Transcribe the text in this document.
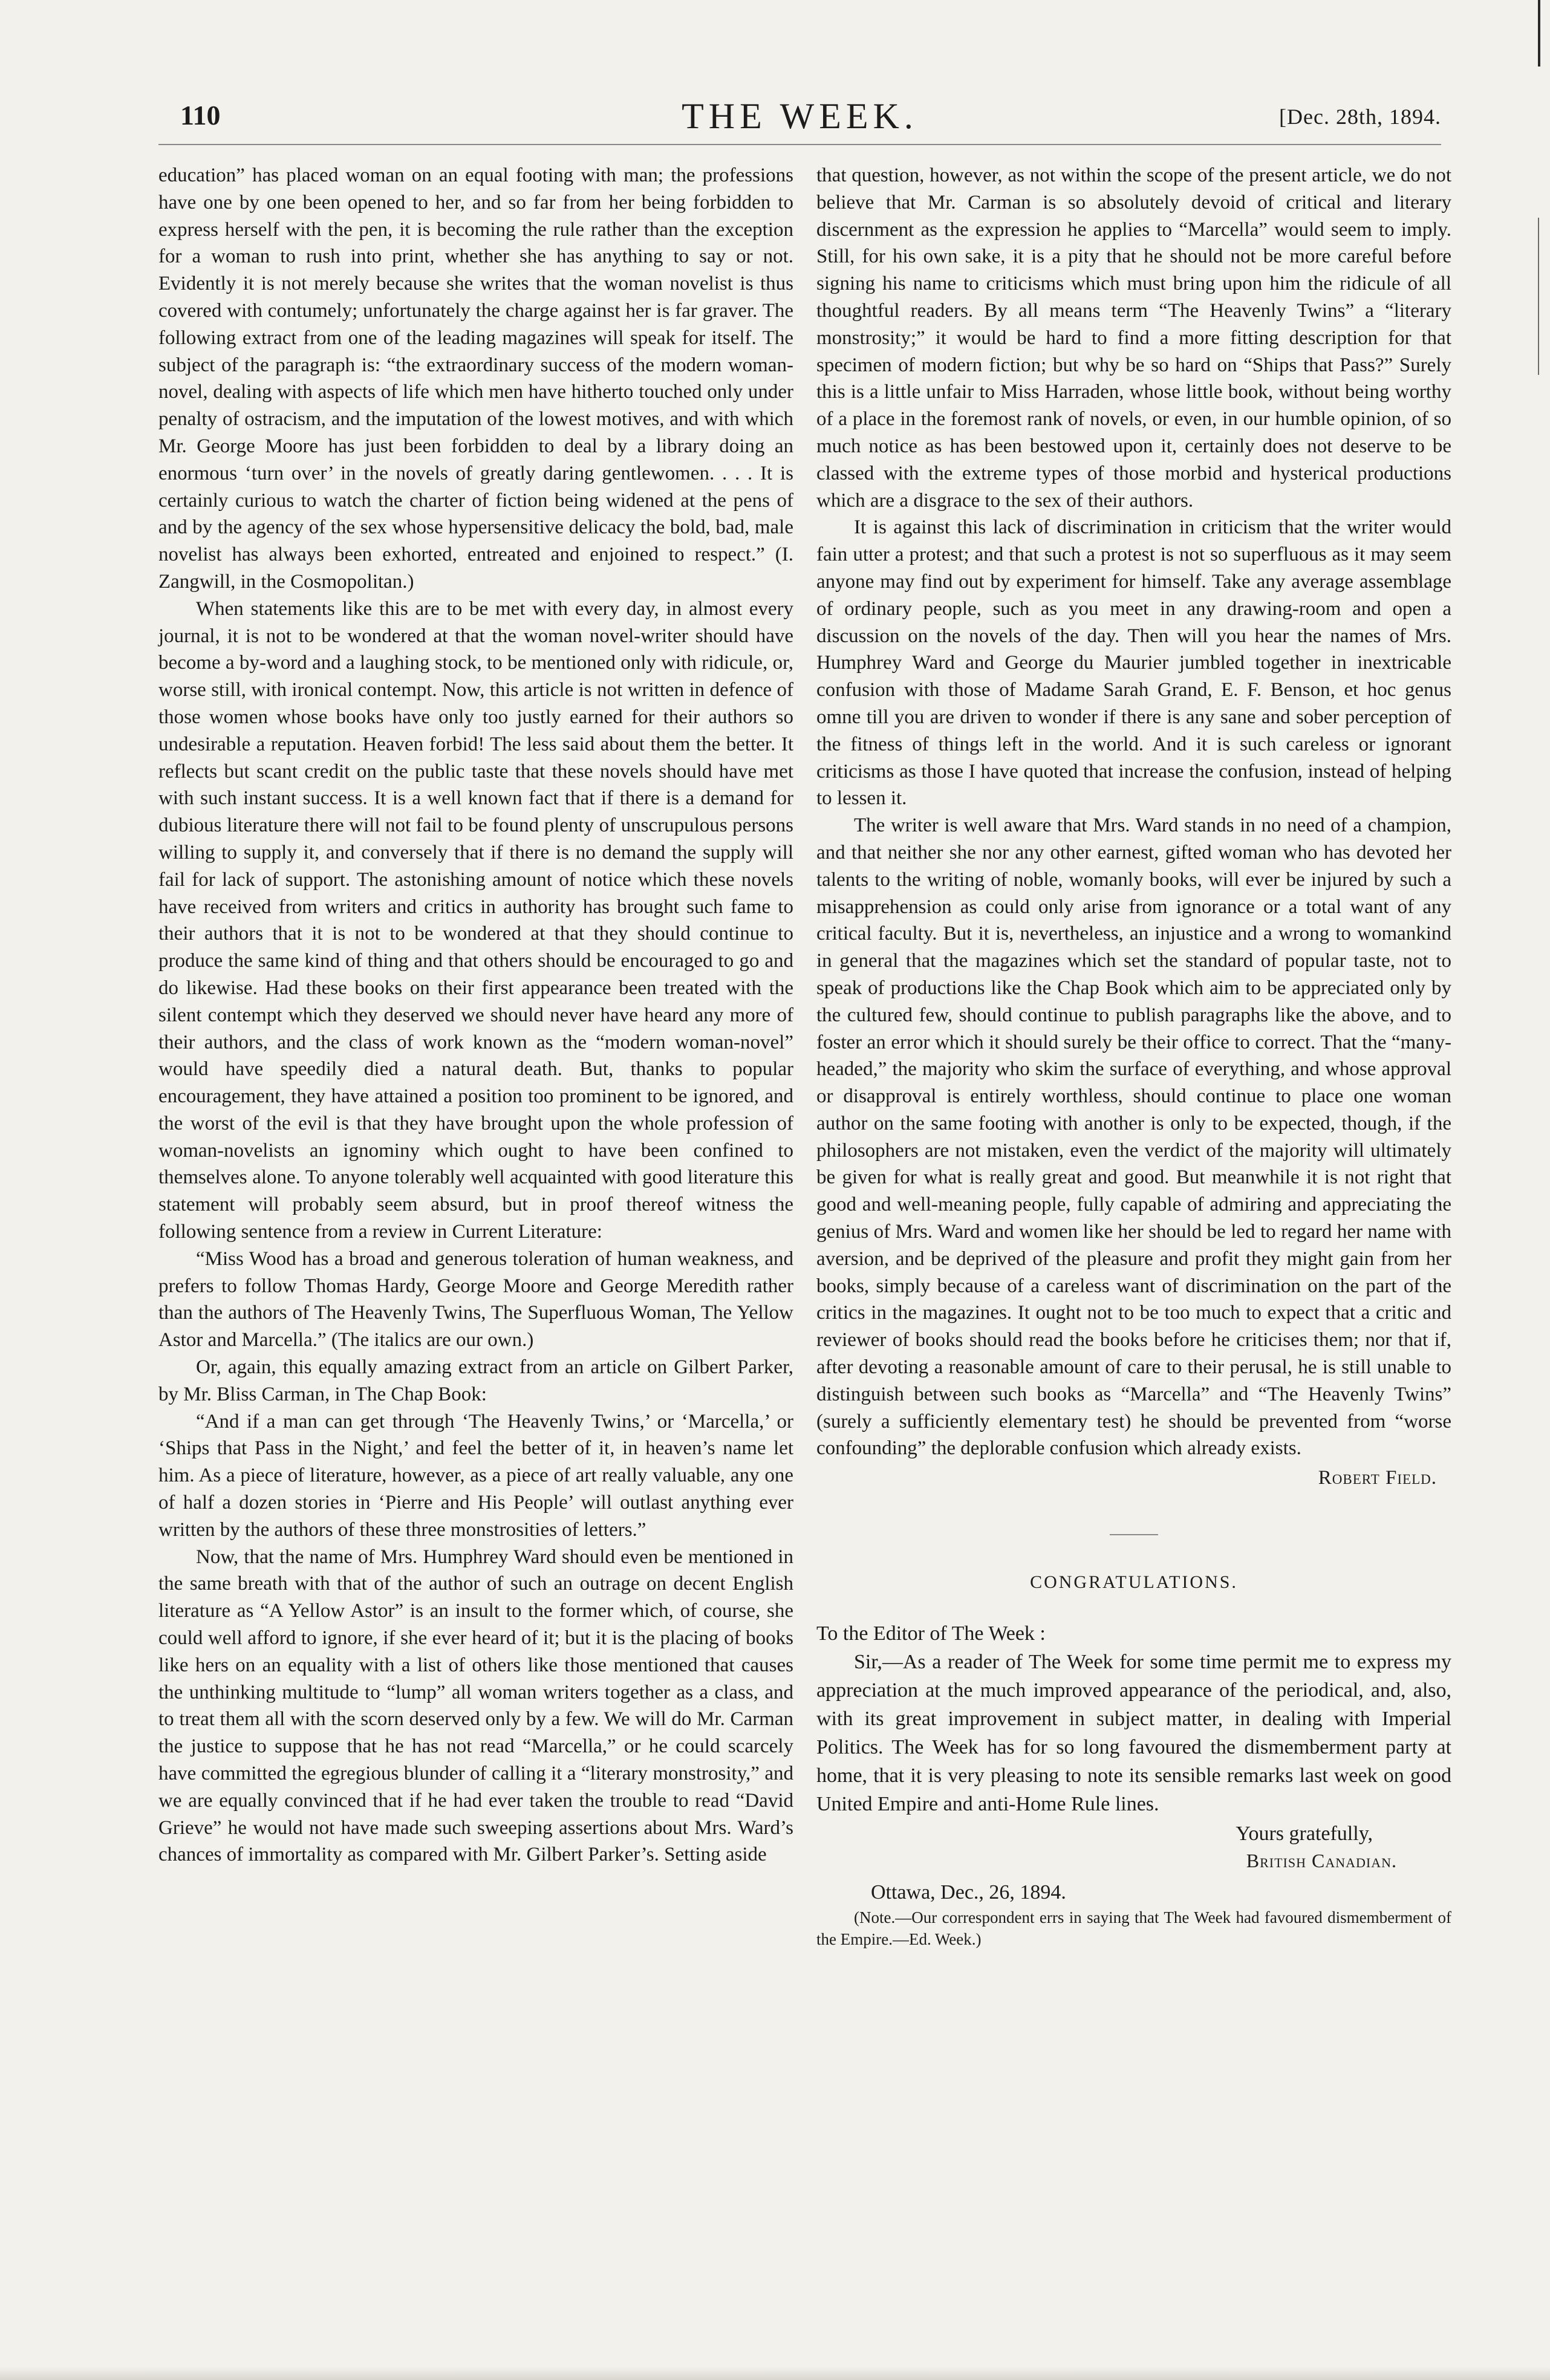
110	THE WEEK.	[Dec. 28th, 1894.

education” has placed woman on an equal footing with man; the professions have one by one been opened to her, and so far from her being forbidden to express herself with the pen, it is becoming the rule rather than the exception for a woman to rush into print, whether she has anything to say or not. Evidently it is not merely because she writes that the woman novelist is thus covered with contumely; unfortunately the charge against her is far graver. The following extract from one of the leading magazines will speak for itself. The subject of the paragraph is: “the extraordinary success of the modern woman-novel, dealing with aspects of life which men have hitherto touched only under penalty of ostracism, and the imputation of the lowest motives, and with which Mr. George Moore has just been forbidden to deal by a library doing an enormous ‘turn over’ in the novels of greatly daring gentlewomen. . . . It is certainly curious to watch the charter of fiction being widened at the pens of and by the agency of the sex whose hypersensitive delicacy the bold, bad, male novelist has always been exhorted, entreated and enjoined to respect.” (I. Zangwill, in the Cosmopolitan.)

When statements like this are to be met with every day, in almost every journal, it is not to be wondered at that the woman novel-writer should have become a by-word and a laughing stock, to be mentioned only with ridicule, or, worse still, with ironical contempt. Now, this article is not written in defence of those women whose books have only too justly earned for their authors so undesirable a reputation. Heaven forbid! The less said about them the better. It reflects but scant credit on the public taste that these novels should have met with such instant success. It is a well known fact that if there is a demand for dubious literature there will not fail to be found plenty of unscrupulous persons willing to supply it, and conversely that if there is no demand the supply will fail for lack of support. The astonishing amount of notice which these novels have received from writers and critics in authority has brought such fame to their authors that it is not to be wondered at that they should continue to produce the same kind of thing and that others should be encouraged to go and do likewise. Had these books on their first appearance been treated with the silent contempt which they deserved we should never have heard any more of their authors, and the class of work known as the “modern woman-novel” would have speedily died a natural death. But, thanks to popular encouragement, they have attained a position too prominent to be ignored, and the worst of the evil is that they have brought upon the whole profession of woman-novelists an ignominy which ought to have been confined to themselves alone. To anyone tolerably well acquainted with good literature this statement will probably seem absurd, but in proof thereof witness the following sentence from a review in Current Literature:

“Miss Wood has a broad and generous toleration of human weakness, and prefers to follow Thomas Hardy, George Moore and George Meredith rather than the authors of The Heavenly Twins, The Superfluous Woman, The Yellow Astor and Marcella.” (The italics are our own.)

Or, again, this equally amazing extract from an article on Gilbert Parker, by Mr. Bliss Carman, in The Chap Book:

“And if a man can get through ‘The Heavenly Twins,’ or ‘Marcella,’ or ‘Ships that Pass in the Night,’ and feel the better of it, in heaven’s name let him. As a piece of literature, however, as a piece of art really valuable, any one of half a dozen stories in ‘Pierre and His People’ will outlast anything ever written by the authors of these three monstrosities of letters.”

Now, that the name of Mrs. Humphrey Ward should even be mentioned in the same breath with that of the author of such an outrage on decent English literature as “A Yellow Astor” is an insult to the former which, of course, she could well afford to ignore, if she ever heard of it; but it is the placing of books like hers on an equality with a list of others like those mentioned that causes the unthinking multitude to “lump” all woman writers together as a class, and to treat them all with the scorn deserved only by a few. We will do Mr. Carman the justice to suppose that he has not read “Marcella,” or he could scarcely have committed the egregious blunder of calling it a “literary monstrosity,” and we are equally convinced that if he had ever taken the trouble to read “David Grieve” he would not have made such sweeping assertions about Mrs. Ward’s chances of immortality as compared with Mr. Gilbert Parker’s. Setting aside

that question, however, as not within the scope of the present article, we do not believe that Mr. Carman is so absolutely devoid of critical and literary discernment as the expression he applies to “Marcella” would seem to imply. Still, for his own sake, it is a pity that he should not be more careful before signing his name to criticisms which must bring upon him the ridicule of all thoughtful readers. By all means term “The Heavenly Twins” a “literary monstrosity;” it would be hard to find a more fitting description for that specimen of modern fiction; but why be so hard on “Ships that Pass?” Surely this is a little unfair to Miss Harraden, whose little book, without being worthy of a place in the foremost rank of novels, or even, in our humble opinion, of so much notice as has been bestowed upon it, certainly does not deserve to be classed with the extreme types of those morbid and hysterical productions which are a disgrace to the sex of their authors.

It is against this lack of discrimination in criticism that the writer would fain utter a protest; and that such a protest is not so superfluous as it may seem anyone may find out by experiment for himself. Take any average assemblage of ordinary people, such as you meet in any drawing-room and open a discussion on the novels of the day. Then will you hear the names of Mrs. Humphrey Ward and George du Maurier jumbled together in inextricable confusion with those of Madame Sarah Grand, E. F. Benson, et hoc genus omne till you are driven to wonder if there is any sane and sober perception of the fitness of things left in the world. And it is such careless or ignorant criticisms as those I have quoted that increase the confusion, instead of helping to lessen it.

The writer is well aware that Mrs. Ward stands in no need of a champion, and that neither she nor any other earnest, gifted woman who has devoted her talents to the writing of noble, womanly books, will ever be injured by such a misapprehension as could only arise from ignorance or a total want of any critical faculty. But it is, nevertheless, an injustice and a wrong to womankind in general that the magazines which set the standard of popular taste, not to speak of productions like the Chap Book which aim to be appreciated only by the cultured few, should continue to publish paragraphs like the above, and to foster an error which it should surely be their office to correct. That the “many-headed,” the majority who skim the surface of everything, and whose approval or disapproval is entirely worthless, should continue to place one woman author on the same footing with another is only to be expected, though, if the philosophers are not mistaken, even the verdict of the majority will ultimately be given for what is really great and good. But meanwhile it is not right that good and well-meaning people, fully capable of admiring and appreciating the genius of Mrs. Ward and women like her should be led to regard her name with aversion, and be deprived of the pleasure and profit they might gain from her books, simply because of a careless want of discrimination on the part of the critics in the magazines. It ought not to be too much to expect that a critic and reviewer of books should read the books before he criticises them; nor that if, after devoting a reasonable amount of care to their perusal, he is still unable to distinguish between such books as “Marcella” and “The Heavenly Twins” (surely a sufficiently elementary test) he should be prevented from “worse confounding” the deplorable confusion which already exists.

Robert Field.
CONGRATULATIONS.
To the Editor of The Week :

Sir,—As a reader of The Week for some time permit me to express my appreciation at the much improved appearance of the periodical, and, also, with its great improvement in subject matter, in dealing with Imperial Politics. The Week has for so long favoured the dismemberment party at home, that it is very pleasing to note its sensible remarks last week on good United Empire and anti-Home Rule lines.

Yours gratefully,
British Canadian.
Ottawa, Dec., 26, 1894.

(Note.—Our correspondent errs in saying that The Week had favoured dismemberment of the Empire.—Ed. Week.)
